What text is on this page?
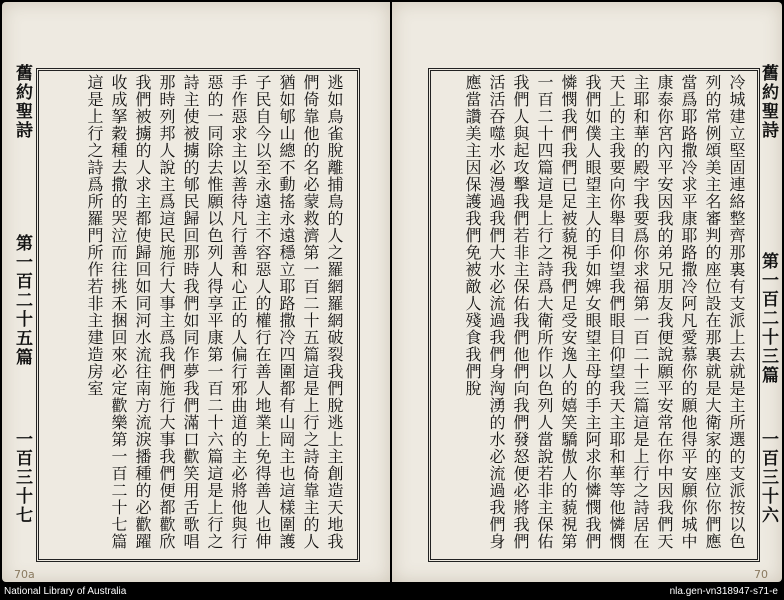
舊約聖詩	逃如鳥雀脫離捕鳥的人之羅網羅網破裂我們脫逃上主創造天地我們倚靠他的名必蒙救濟第一百二十五篇這是上行之詩倚靠主的人猶如郇山總不動搖永遠穩立耶路撒冷四圍都有山岡主也這樣圍護子民自今以至永遠主不容惡人的權行在善人地業上免得善人也伸手作惡求主以善待凡行善和心正的人偏行邪曲道的主必將他與行惡的一同除去惟願以色列人得享平康第一百二十六篇這是上行之詩主使被擄的郇民歸回那時我們如同作夢我們滿口歡笑用舌歌唱那時列邦人說主爲這民施行大事主爲我們施行大事我們便都歡欣我們被擄的人求主都使歸回如同河水流往南方流淚播種的必歡躍收成拏穀種去撒的哭泣而往挑禾捆回來必定歡樂第一百二十七篇這是上行之詩爲所羅門所作若非主建造房室
第一百二十五篇
一百三十七
70a
舊約聖詩
冷城建立堅固連絡整齊那裏有支派上去就是主所選的支派按以色列的常例頌美主名審判的座位設在那裏就是大衛家的座位你們應當爲耶路撒冷求平康耶路撒冷阿凡愛慕你的願他得平安願你城中康泰你宮內平安因我的弟兄朋友我便說願平安常在你中因我們天主耶和華的殿宇我要爲你求福第一百二十三篇這是上行之詩居在天上的主我要向你舉目仰望我們眼目仰望我天主耶和華等他憐憫我們如僕人眼望主人的手如婢女眼望主母的手主阿求你憐憫我們憐憫我們我們已足被藐視我們足受安逸人的嬉笑驕傲人的藐視第一百二十四篇這是上行之詩爲大衛所作以色列人當說若非主保佑我們人與起攻擊我們若非主保佑我們他們向我們發怒便必將我們活活吞噬水必漫過我們大水必流過我們身洶湧的水必流過我們身應當讚美主因保護我們免被敵人殘食我們脫	第一百二十三篇
一百三十六
70
National Library of Australia	nla.gen-vn318947-s71-e
